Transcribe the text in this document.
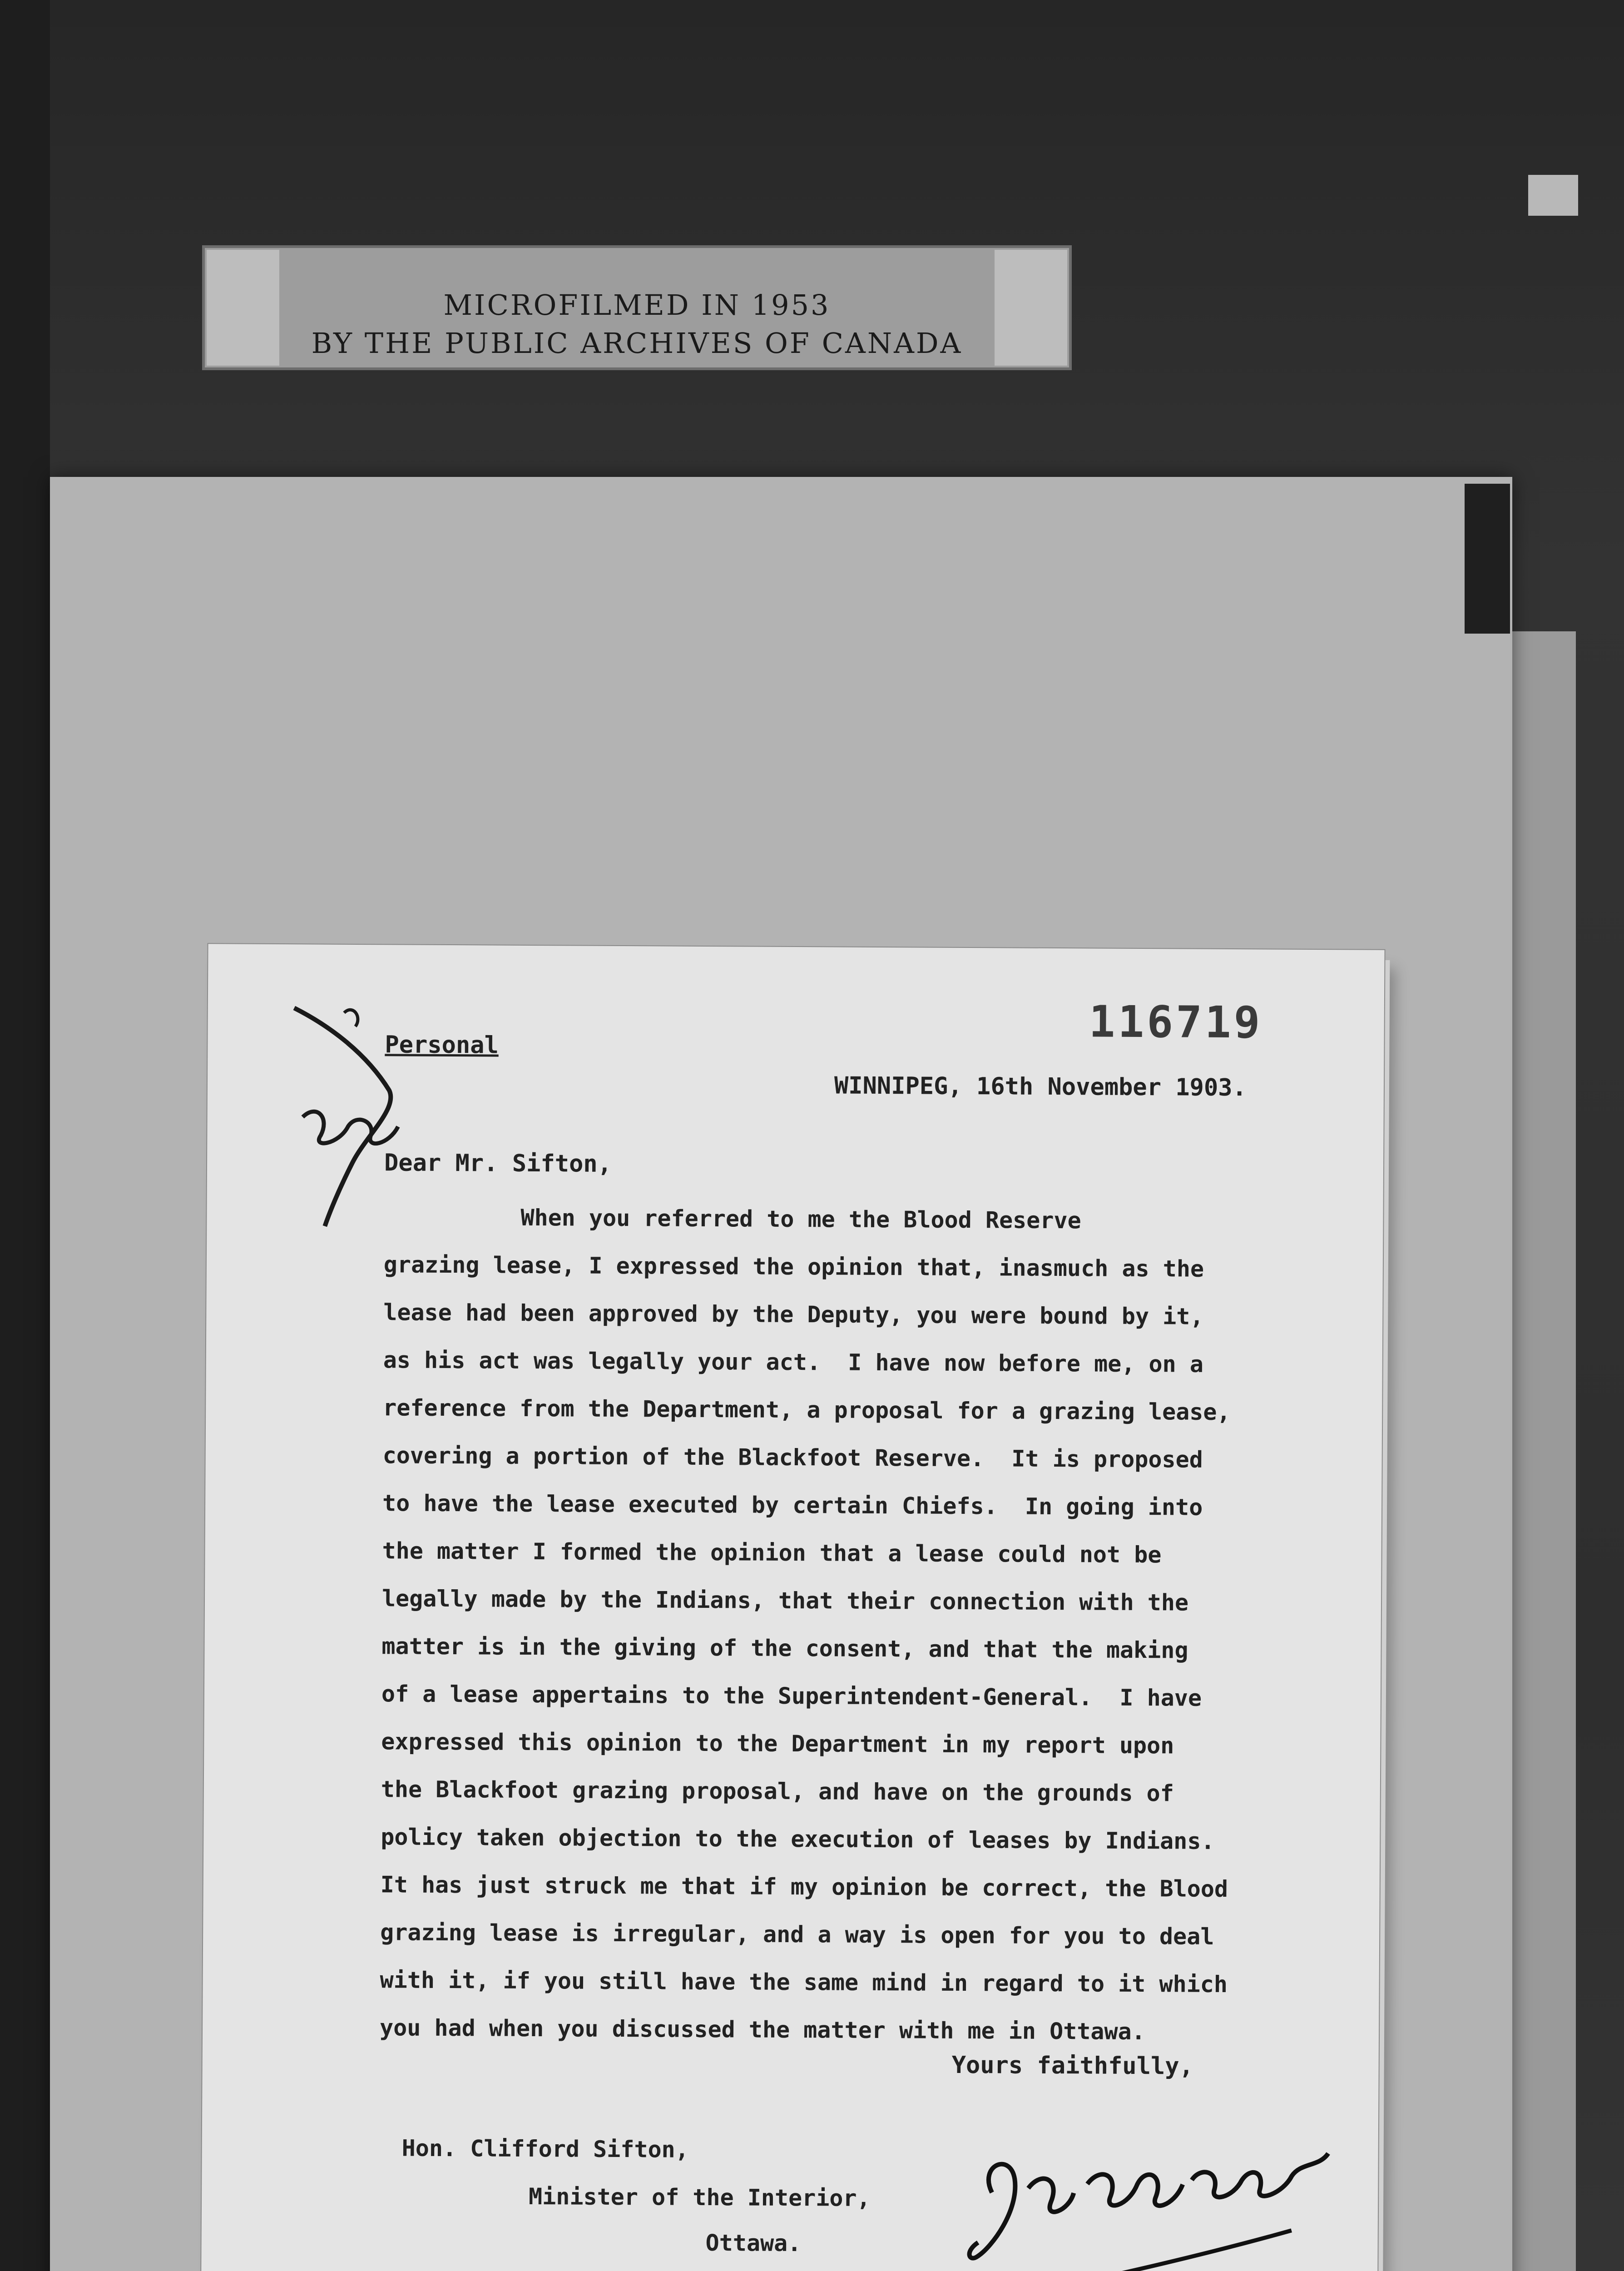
MICROFILMED IN 1953
BY THE PUBLIC ARCHIVES OF CANADA
116719
Personal
WINNIPEG, 16th November 1903.
Dear Mr. Sifton,
When you referred to me the Blood Reserve
grazing lease, I expressed the opinion that, inasmuch as the
lease had been approved by the Deputy, you were bound by it,
as his act was legally your act.  I have now before me, on a
reference from the Department, a proposal for a grazing lease,
covering a portion of the Blackfoot Reserve.  It is proposed
to have the lease executed by certain Chiefs.  In going into
the matter I formed the opinion that a lease could not be
legally made by the Indians, that their connection with the
matter is in the giving of the consent, and that the making
of a lease appertains to the Superintendent-General.  I have
expressed this opinion to the Department in my report upon
the Blackfoot grazing proposal, and have on the grounds of
policy taken objection to the execution of leases by Indians.
It has just struck me that if my opinion be correct, the Blood
grazing lease is irregular, and a way is open for you to deal
with it, if you still have the same mind in regard to it which
you had when you discussed the matter with me in Ottawa.
Yours faithfully,
Hon. Clifford Sifton,
Minister of the Interior,
Ottawa.
